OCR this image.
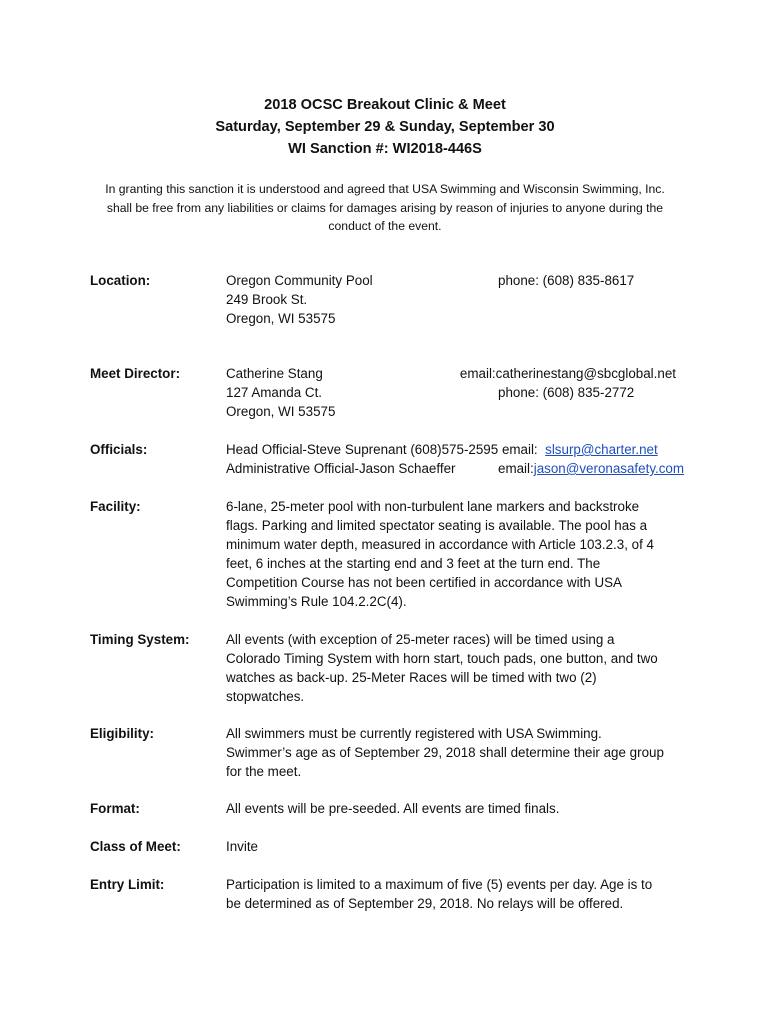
2018 OCSC Breakout Clinic & Meet
Saturday, September 29 & Sunday, September 30
WI Sanction #: WI2018-446S
In granting this sanction it is understood and agreed that USA Swimming and Wisconsin Swimming, Inc.
shall be free from any liabilities or claims for damages arising by reason of injuries to anyone during the
conduct of the event.
Location:	Oregon Community Pool
249 Brook St.
Oregon, WI 53575
phone: (608) 835-8617
Meet Director:	Catherine Stang
127 Amanda Ct.
Oregon, WI 53575
email:catherinestang@sbcglobal.net
phone: (608) 835-2772
Officials:	Head Official-Steve Suprenant (608)575-2595 email: slsurp@charter.net
Administrative Official-Jason Schaeffer	email:jason@veronasafety.com
Facility:	6-lane, 25-meter pool with non-turbulent lane markers and backstroke
flags. Parking and limited spectator seating is available. The pool has a
minimum water depth, measured in accordance with Article 103.2.3, of 4
feet, 6 inches at the starting end and 3 feet at the turn end. The
Competition Course has not been certified in accordance with USA
Swimming’s Rule 104.2.2C(4).
Timing System:	All events (with exception of 25-meter races) will be timed using a
Colorado Timing System with horn start, touch pads, one button, and two
watches as back-up. 25-Meter Races will be timed with two (2)
stopwatches.
Eligibility:	All swimmers must be currently registered with USA Swimming.
Swimmer’s age as of September 29, 2018 shall determine their age group
for the meet.
Format:	All events will be pre-seeded. All events are timed finals.
Class of Meet:	Invite
Entry Limit:	Participation is limited to a maximum of five (5) events per day. Age is to
be determined as of September 29, 2018. No relays will be offered.
